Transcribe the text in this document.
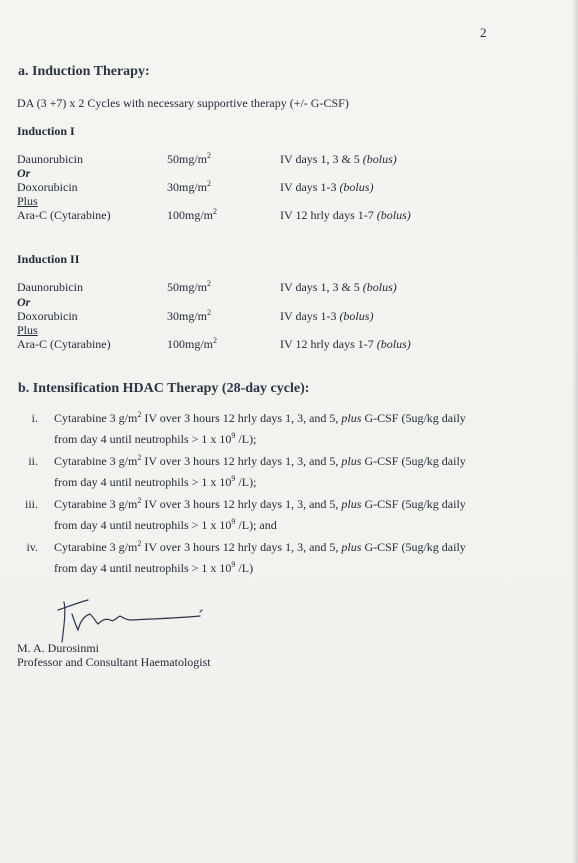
2
a. Induction Therapy:
DA (3 +7) x 2 Cycles with necessary supportive therapy (+/- G-CSF)
Induction I
Daunorubicin	$50mg/m^2$	IV days 1, 3 & 5 (bolus)
Or
Doxorubicin	$30mg/m^2$	IV days 1-3 (bolus)
Plus
Ara-C (Cytarabine)	$100mg/m^2$	IV 12 hrly days 1-7 (bolus)
Induction II
Daunorubicin	$50mg/m^2$	IV days 1, 3 & 5 (bolus)
Or
Doxorubicin	$30mg/m^2$	IV days 1-3 (bolus)
Plus
Ara-C (Cytarabine)	$100mg/m^2$	IV 12 hrly days 1-7 (bolus)
b. Intensification HDAC Therapy (28-day cycle):
i. Cytarabine 3 $g/m^2$ IV over 3 hours 12 hrly days 1, 3, and 5, plus G-CSF (5ug/kg daily
from day 4 until neutrophils > 1 x $10^9$ /L);
ii. Cytarabine 3 $g/m^2$ IV over 3 hours 12 hrly days 1, 3, and 5, plus G-CSF (5ug/kg daily
from day 4 until neutrophils > 1 x $10^9$ /L);
iii. Cytarabine 3 $g/m^2$ IV over 3 hours 12 hrly days 1, 3, and 5, plus G-CSF (5ug/kg daily
from day 4 until neutrophils > 1 x $10^9$ /L); and
iv. Cytarabine 3 $g/m^2$ IV over 3 hours 12 hrly days 1, 3, and 5, plus G-CSF (5ug/kg daily
from day 4 until neutrophils > 1 x $10^9$ /L)
M. A. Durosinmi
Professor and Consultant Haematologist
